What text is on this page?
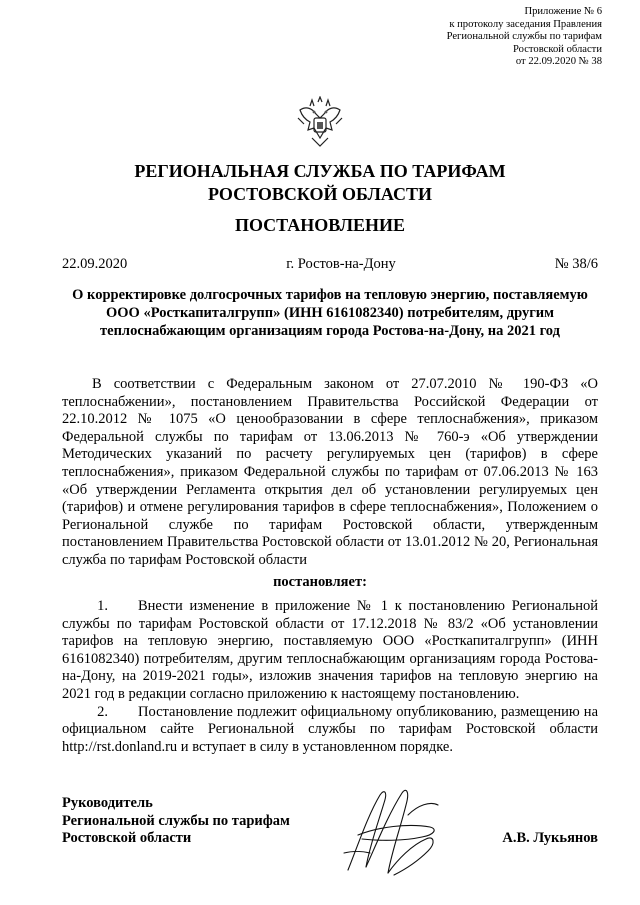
Приложение № 6
к протоколу заседания Правления
Региональной службы по тарифам
Ростовской области
от 22.09.2020 № 38
РЕГИОНАЛЬНАЯ СЛУЖБА ПО ТАРИФАМ
РОСТОВСКОЙ ОБЛАСТИ
ПОСТАНОВЛЕНИЕ
22.09.2020	г. Ростов-на-Дону	№ 38/6
О корректировке долгосрочных тарифов на тепловую энергию, поставляемую ООО «Росткапиталгрупп» (ИНН 6161082340) потребителям, другим теплоснабжающим организациям города Ростова-на-Дону, на 2021 год
В соответствии с Федеральным законом от 27.07.2010 № 190-ФЗ «О теплоснабжении», постановлением Правительства Российской Федерации от 22.10.2012 № 1075 «О ценообразовании в сфере теплоснабжения», приказом Федеральной службы по тарифам от 13.06.2013 № 760-э «Об утверждении Методических указаний по расчету регулируемых цен (тарифов) в сфере теплоснабжения», приказом Федеральной службы по тарифам от 07.06.2013 № 163 «Об утверждении Регламента открытия дел об установлении регулируемых цен (тарифов) и отмене регулирования тарифов в сфере теплоснабжения», Положением о Региональной службе по тарифам Ростовской области, утвержденным постановлением Правительства Ростовской области от 13.01.2012 № 20, Региональная служба по тарифам Ростовской области
постановляет:
1. Внести изменение в приложение № 1 к постановлению Региональной службы по тарифам Ростовской области от 17.12.2018 № 83/2 «Об установлении тарифов на тепловую энергию, поставляемую ООО «Росткапиталгрупп» (ИНН 6161082340) потребителям, другим теплоснабжающим организациям города Ростова-на-Дону, на 2019-2021 годы», изложив значения тарифов на тепловую энергию на 2021 год в редакции согласно приложению к настоящему постановлению.
2. Постановление подлежит официальному опубликованию, размещению на официальном сайте Региональной службы по тарифам Ростовской области http://rst.donland.ru и вступает в силу в установленном порядке.
Руководитель
Региональной службы по тарифам
Ростовской области	А.В. Лукьянов
